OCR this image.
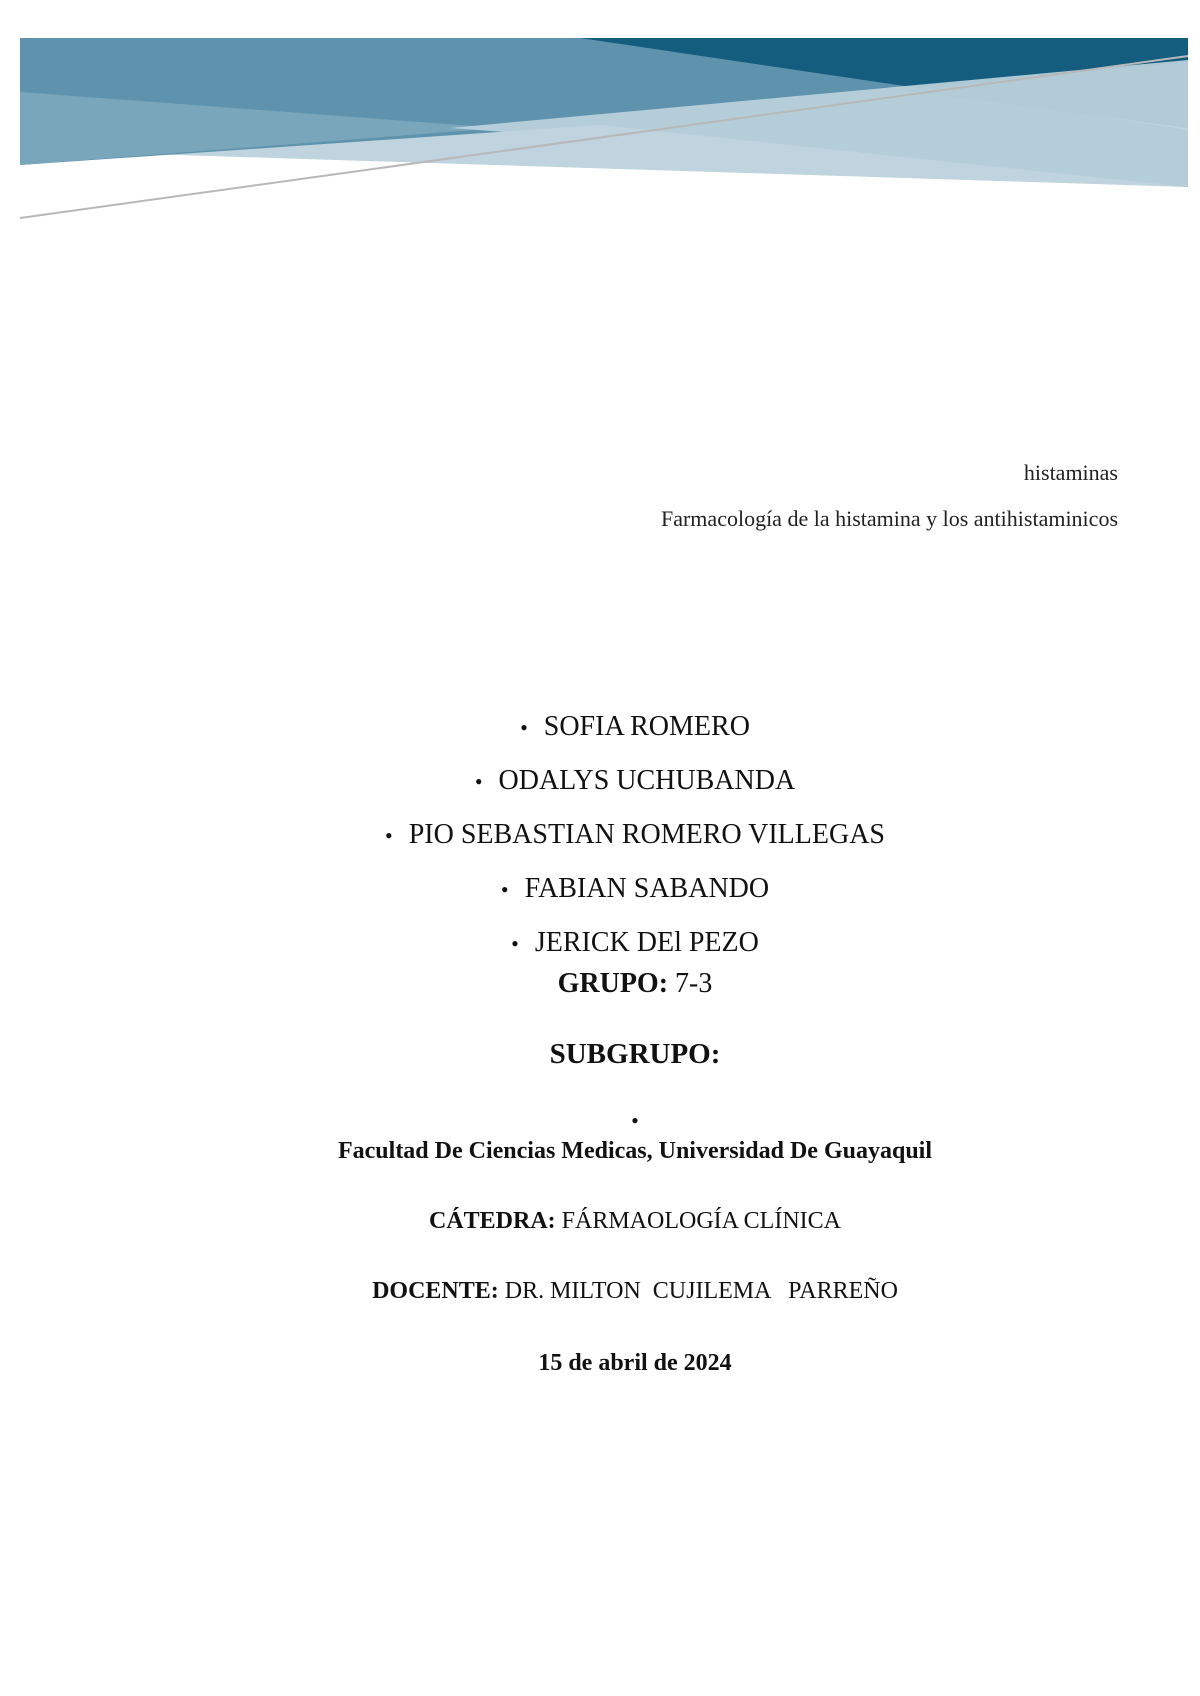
histaminas
Farmacología de la histamina y los antihistaminicos
• SOFIA ROMERO
• ODALYS UCHUBANDA
• PIO SEBASTIAN ROMERO VILLEGAS
• FABIAN SABANDO
• JERICK DEl PEZO
GRUPO: 7-3
SUBGRUPO:
•
Facultad De Ciencias Medicas, Universidad De Guayaquil
CÁTEDRA: FÁRMAOLOGÍA CLÍNICA
DOCENTE: DR. MILTON  CUJILEMA   PARREÑO
15 de abril de 2024
